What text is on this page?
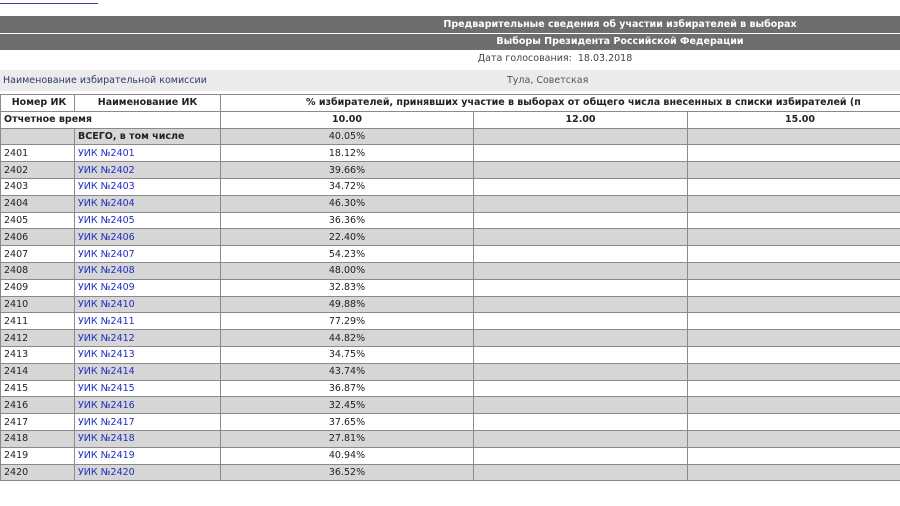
Предварительные сведения об участии избирателей в выборах
Выборы Президента Российской Федерации
Дата голосования: 18.03.2018
Наименование избирательной комиссии	Тула, Советская
Номер ИК	Наименование ИК	% избирателей, принявших участие в выборах от общего числа внесенных в списки избирателей (п		
Отчетное время		10.00	12.00	15.00
	ВСЕГО, в том числе	40.05%		
2401	УИК №2401	18.12%		
2402	УИК №2402	39.66%		
2403	УИК №2403	34.72%		
2404	УИК №2404	46.30%		
2405	УИК №2405	36.36%		
2406	УИК №2406	22.40%		
2407	УИК №2407	54.23%		
2408	УИК №2408	48.00%		
2409	УИК №2409	32.83%		
2410	УИК №2410	49.88%		
2411	УИК №2411	77.29%		
2412	УИК №2412	44.82%		
2413	УИК №2413	34.75%		
2414	УИК №2414	43.74%		
2415	УИК №2415	36.87%		
2416	УИК №2416	32.45%		
2417	УИК №2417	37.65%		
2418	УИК №2418	27.81%		
2419	УИК №2419	40.94%		
2420	УИК №2420	36.52%		
